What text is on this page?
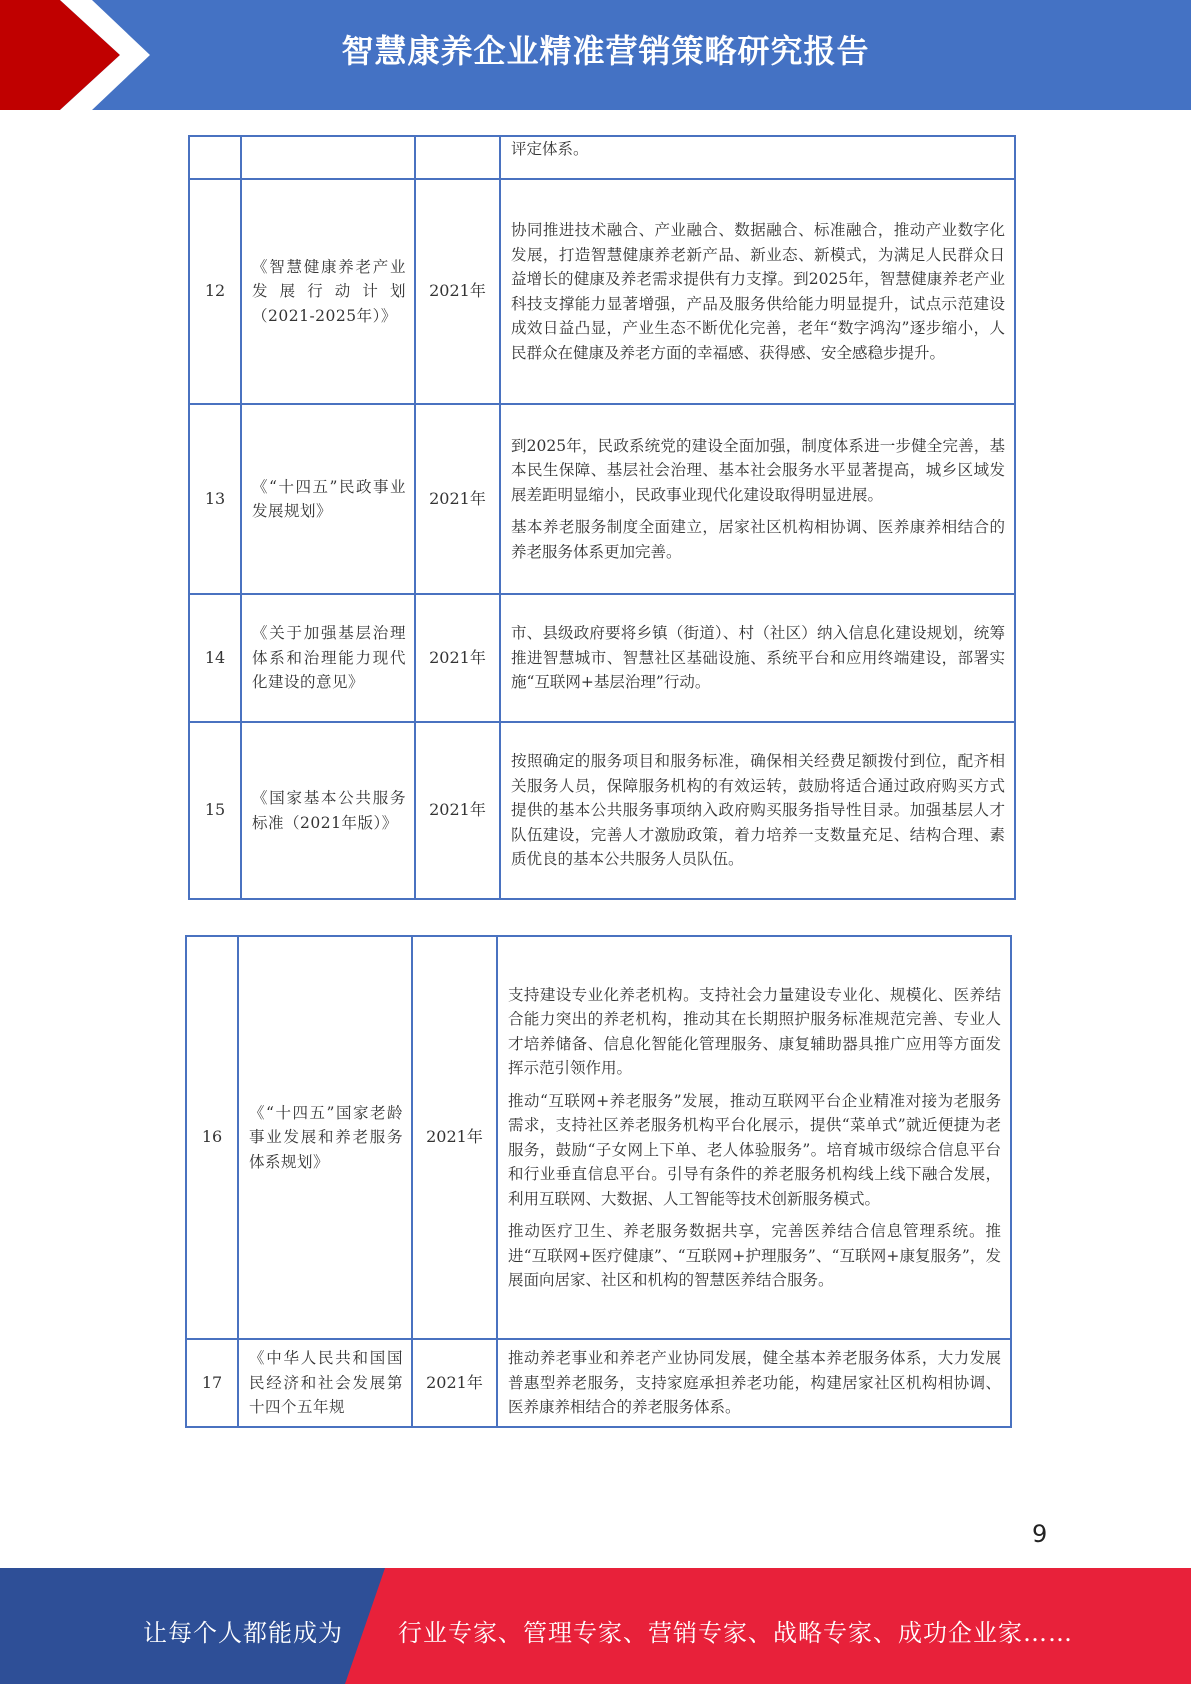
智慧康养企业精准营销策略研究报告

			评定体系。

12	《智慧健康养老产业发展行动计划（2021-2025年）》	2021年	协同推进技术融合、产业融合、数据融合、标准融合，推动产业数字化发展，打造智慧健康养老新产品、新业态、新模式，为满足人民群众日益增长的健康及养老需求提供有力支撑。到2025年，智慧健康养老产业科技支撑能力显著增强，产品及服务供给能力明显提升，试点示范建设成效日益凸显，产业生态不断优化完善，老年“数字鸿沟”逐步缩小，人民群众在健康及养老方面的幸福感、获得感、安全感稳步提升。

13	《“十四五”民政事业发展规划》	2021年	到2025年，民政系统党的建设全面加强，制度体系进一步健全完善，基本民生保障、基层社会治理、基本社会服务水平显著提高，城乡区域发展差距明显缩小，民政事业现代化建设取得明显进展。

基本养老服务制度全面建立，居家社区机构相协调、医养康养相结合的养老服务体系更加完善。

14	《关于加强基层治理体系和治理能力现代化建设的意见》	2021年	市、县级政府要将乡镇（街道）、村（社区）纳入信息化建设规划，统筹推进智慧城市、智慧社区基础设施、系统平台和应用终端建设，部署实施“互联网+基层治理”行动。

15	《国家基本公共服务标准（2021年版）》	2021年	按照确定的服务项目和服务标准，确保相关经费足额拨付到位，配齐相关服务人员，保障服务机构的有效运转，鼓励将适合通过政府购买方式提供的基本公共服务事项纳入政府购买服务指导性目录。加强基层人才队伍建设，完善人才激励政策，着力培养一支数量充足、结构合理、素质优良的基本公共服务人员队伍。

16	《“十四五”国家老龄事业发展和养老服务体系规划》	2021年	支持建设专业化养老机构。支持社会力量建设专业化、规模化、医养结合能力突出的养老机构，推动其在长期照护服务标准规范完善、专业人才培养储备、信息化智能化管理服务、康复辅助器具推广应用等方面发挥示范引领作用。

推动“互联网+养老服务”发展，推动互联网平台企业精准对接为老服务需求，支持社区养老服务机构平台化展示，提供“菜单式”就近便捷为老服务，鼓励“子女网上下单、老人体验服务”。培育城市级综合信息平台和行业垂直信息平台。引导有条件的养老服务机构线上线下融合发展，利用互联网、大数据、人工智能等技术创新服务模式。

推动医疗卫生、养老服务数据共享，完善医养结合信息管理系统。推进“互联网+医疗健康”、“互联网+护理服务”、“互联网+康复服务”，发展面向居家、社区和机构的智慧医养结合服务。

17	《中华人民共和国国民经济和社会发展第十四个五年规	2021年	推动养老事业和养老产业协同发展，健全基本养老服务体系，大力发展普惠型养老服务，支持家庭承担养老功能，构建居家社区机构相协调、医养康养相结合的养老服务体系。

9
让每个人都能成为 行业专家、管理专家、营销专家、战略专家、成功企业家……
